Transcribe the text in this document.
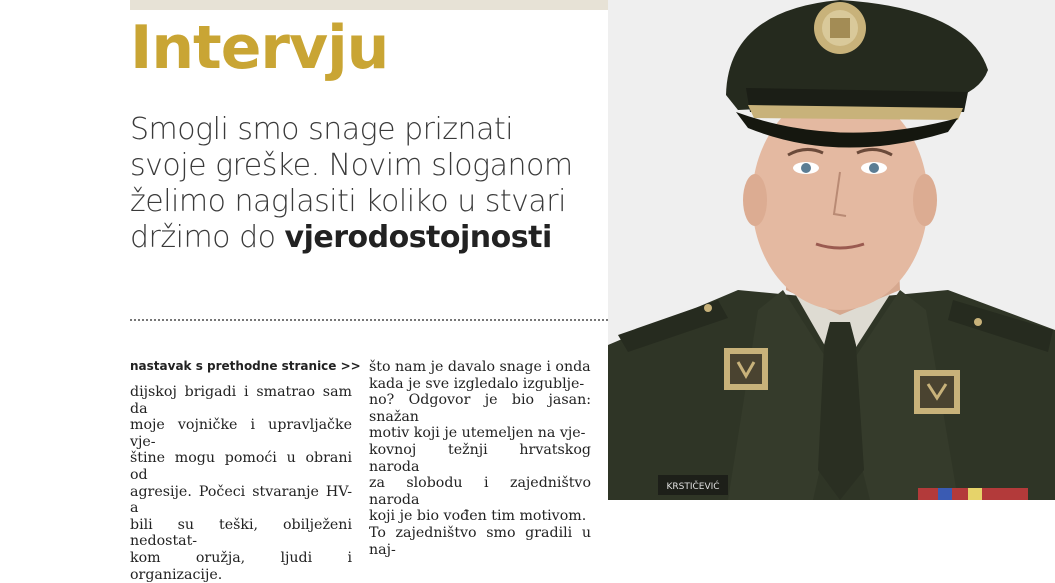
Intervju
Smogli smo snage priznati
svoje greške. Novim sloganom
želimo naglasiti koliko u stvari
držimo do vjerodostojnosti
nastavak s prethodne stranice >>

dijskoj brigadi i smatrao sam da

moje vojničke i upravljačke vje-

štine mogu pomoći u obrani od

agresije. Počeci stvaranje HV-a

bili su teški, obilježeni nedostat-

kom oružja, ljudi i organizacije.

što nam je davalo snage i onda

kada je sve izgledalo izgublje-

no? Odgovor je bio jasan: snažan

motiv koji je utemeljen na vje-

kovnoj težnji hrvatskog naroda

za slobodu i zajedništvo naroda

koji je bio vođen tim motivom.

To zajedništvo smo gradili u naj-

KRSTIČEVIĆ
